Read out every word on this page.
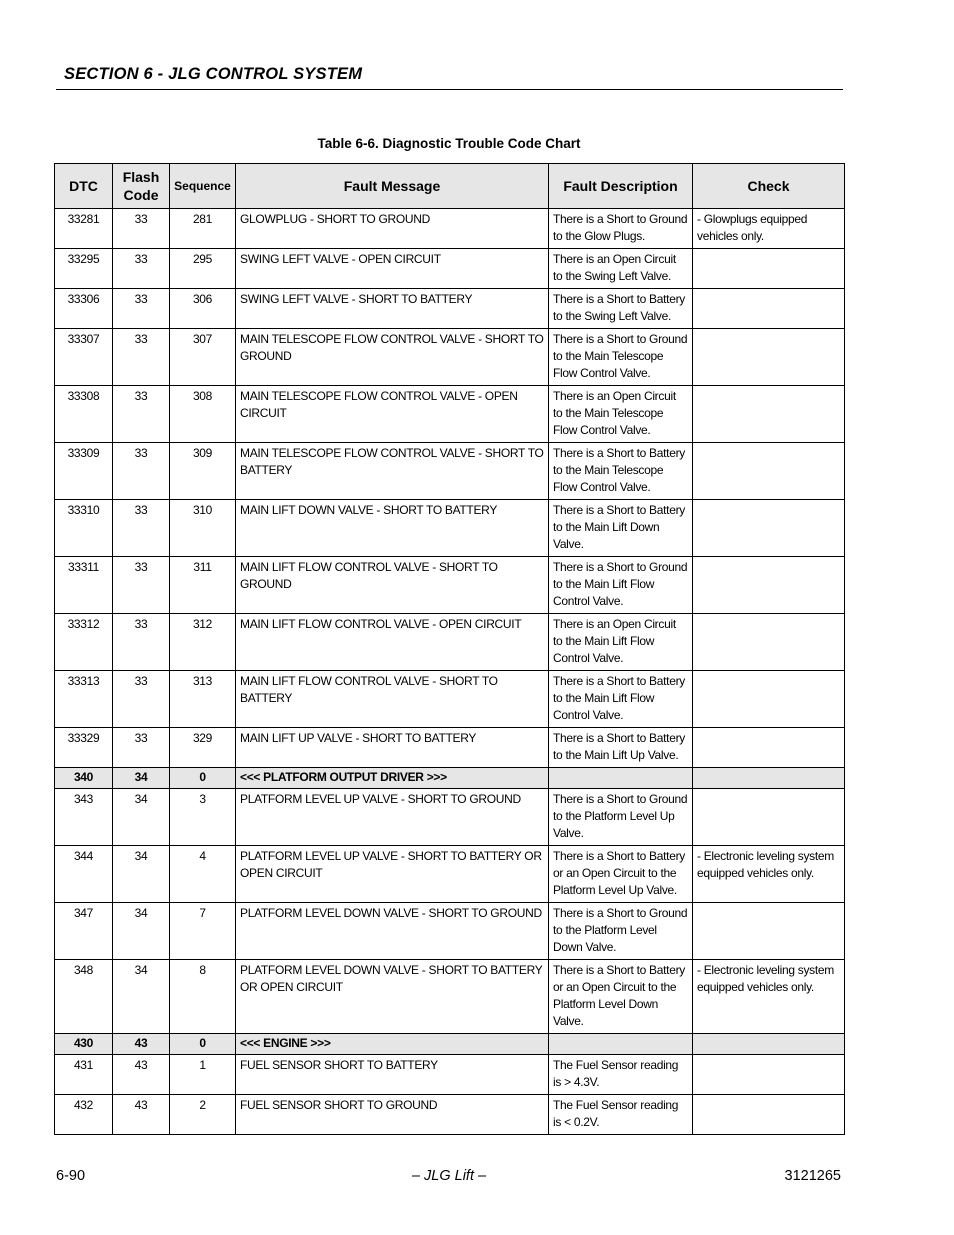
SECTION 6 - JLG CONTROL SYSTEM
Table 6-6. Diagnostic Trouble Code Chart
DTC	Flash Code	Sequence	Fault Message	Fault Description	Check
33281	33	281	GLOWPLUG - SHORT TO GROUND	There is a Short to Ground to the Glow Plugs.	- Glowplugs equipped vehicles only.
33295	33	295	SWING LEFT VALVE - OPEN CIRCUIT	There is an Open Circuit to the Swing Left Valve.	
33306	33	306	SWING LEFT VALVE - SHORT TO BATTERY	There is a Short to Battery to the Swing Left Valve.	
33307	33	307	MAIN TELESCOPE FLOW CONTROL VALVE - SHORT TO GROUND	There is a Short to Ground to the Main Telescope Flow Control Valve.	
33308	33	308	MAIN TELESCOPE FLOW CONTROL VALVE - OPEN CIRCUIT	There is an Open Circuit to the Main Telescope Flow Control Valve.	
33309	33	309	MAIN TELESCOPE FLOW CONTROL VALVE - SHORT TO BATTERY	There is a Short to Battery to the Main Telescope Flow Control Valve.	
33310	33	310	MAIN LIFT DOWN VALVE - SHORT TO BATTERY	There is a Short to Battery to the Main Lift Down Valve.	
33311	33	311	MAIN LIFT FLOW CONTROL VALVE - SHORT TO GROUND	There is a Short to Ground to the Main Lift Flow Control Valve.	
33312	33	312	MAIN LIFT FLOW CONTROL VALVE - OPEN CIRCUIT	There is an Open Circuit to the Main Lift Flow Control Valve.	
33313	33	313	MAIN LIFT FLOW CONTROL VALVE - SHORT TO BATTERY	There is a Short to Battery to the Main Lift Flow Control Valve.	
33329	33	329	MAIN LIFT UP VALVE - SHORT TO BATTERY	There is a Short to Battery to the Main Lift Up Valve.	
340	34	0	<<< PLATFORM OUTPUT DRIVER >>>		
343	34	3	PLATFORM LEVEL UP VALVE - SHORT TO GROUND	There is a Short to Ground to the Platform Level Up Valve.	
344	34	4	PLATFORM LEVEL UP VALVE - SHORT TO BATTERY OR OPEN CIRCUIT	There is a Short to Battery or an Open Circuit to the Platform Level Up Valve.	- Electronic leveling system equipped vehicles only.
347	34	7	PLATFORM LEVEL DOWN VALVE - SHORT TO GROUND	There is a Short to Ground to the Platform Level Down Valve.	
348	34	8	PLATFORM LEVEL DOWN VALVE - SHORT TO BATTERY OR OPEN CIRCUIT	There is a Short to Battery or an Open Circuit to the Platform Level Down Valve.	- Electronic leveling system equipped vehicles only.
430	43	0	<<< ENGINE >>>		
431	43	1	FUEL SENSOR SHORT TO BATTERY	The Fuel Sensor reading is > 4.3V.	
432	43	2	FUEL SENSOR SHORT TO GROUND	The Fuel Sensor reading is < 0.2V.	
6-90	– JLG Lift –	3121265
